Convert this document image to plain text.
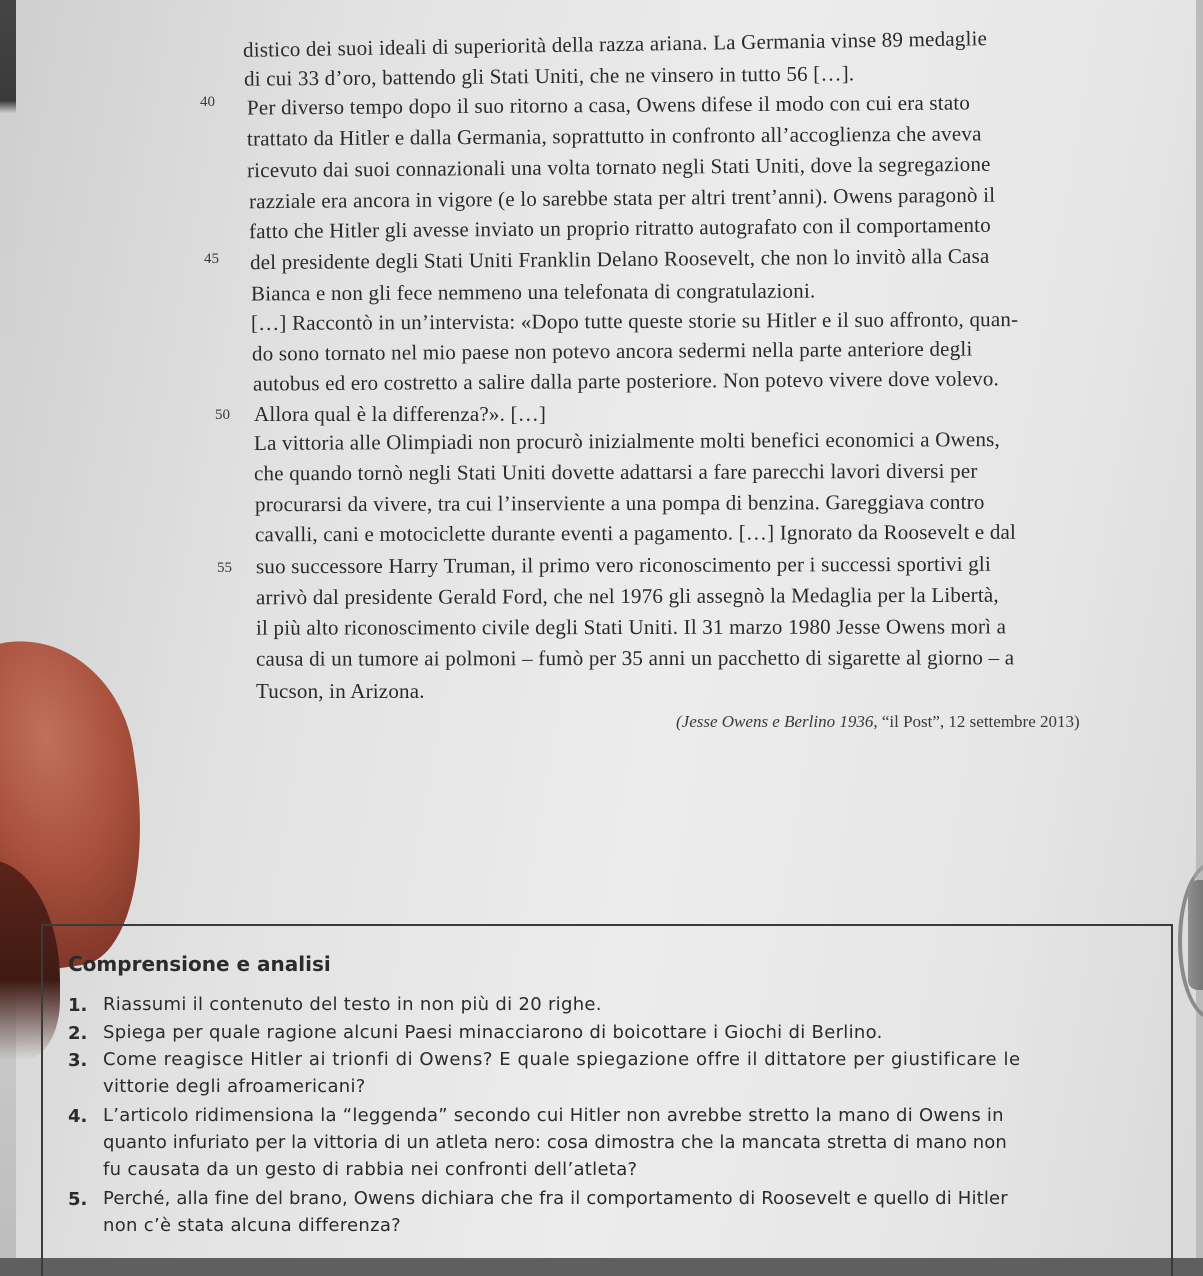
distico dei suoi ideali di superiorità della razza ariana. La Germania vinse 89 medaglie
di cui 33 d’oro, battendo gli Stati Uniti, che ne vinsero in tutto 56 […].
Per diverso tempo dopo il suo ritorno a casa, Owens difese il modo con cui era stato
trattato da Hitler e dalla Germania, soprattutto in confronto all’accoglienza che aveva
ricevuto dai suoi connazionali una volta tornato negli Stati Uniti, dove la segregazione
razziale era ancora in vigore (e lo sarebbe stata per altri trent’anni). Owens paragonò il
fatto che Hitler gli avesse inviato un proprio ritratto autografato con il comportamento
del presidente degli Stati Uniti Franklin Delano Roosevelt, che non lo invitò alla Casa
Bianca e non gli fece nemmeno una telefonata di congratulazioni.
[…] Raccontò in un’intervista: «Dopo tutte queste storie su Hitler e il suo affronto, quan-
do sono tornato nel mio paese non potevo ancora sedermi nella parte anteriore degli
autobus ed ero costretto a salire dalla parte posteriore. Non potevo vivere dove volevo.
Allora qual è la differenza?». […]
La vittoria alle Olimpiadi non procurò inizialmente molti benefici economici a Owens,
che quando tornò negli Stati Uniti dovette adattarsi a fare parecchi lavori diversi per
procurarsi da vivere, tra cui l’inserviente a una pompa di benzina. Gareggiava contro
cavalli, cani e motociclette durante eventi a pagamento. […] Ignorato da Roosevelt e dal
suo successore Harry Truman, il primo vero riconoscimento per i successi sportivi gli
arrivò dal presidente Gerald Ford, che nel 1976 gli assegnò la Medaglia per la Libertà,
il più alto riconoscimento civile degli Stati Uniti. Il 31 marzo 1980 Jesse Owens morì a
causa di un tumore ai polmoni – fumò per 35 anni un pacchetto di sigarette al giorno – a
Tucson, in Arizona.
40
45
50
55
(Jesse Owens e Berlino 1936, “il Post”, 12 settembre 2013)
Comprensione e analisi
1. Riassumi il contenuto del testo in non più di 20 righe.
2. Spiega per quale ragione alcuni Paesi minacciarono di boicottare i Giochi di Berlino.
3. Come reagisce Hitler ai trionfi di Owens? E quale spiegazione offre il dittatore per giustificare le
vittorie degli afroamericani?
4. L’articolo ridimensiona la “leggenda” secondo cui Hitler non avrebbe stretto la mano di Owens in
quanto infuriato per la vittoria di un atleta nero: cosa dimostra che la mancata stretta di mano non
fu causata da un gesto di rabbia nei confronti dell’atleta?
5. Perché, alla fine del brano, Owens dichiara che fra il comportamento di Roosevelt e quello di Hitler
non c’è stata alcuna differenza?
